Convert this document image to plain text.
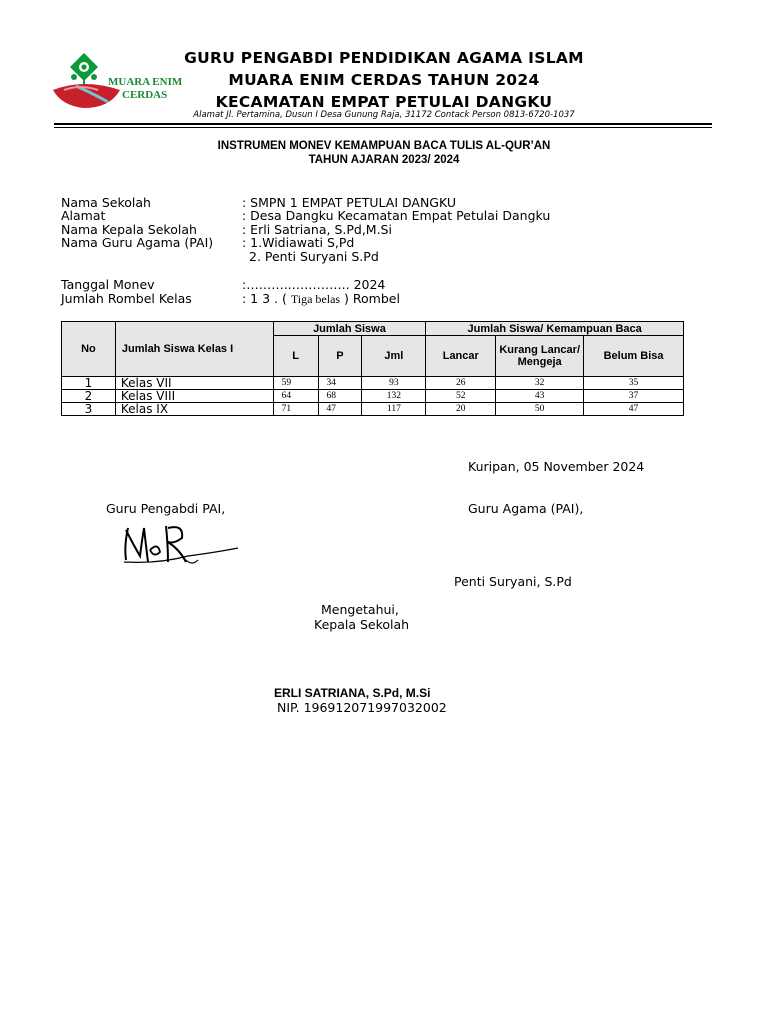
MUARA ENIM
CERDAS
GURU PENGABDI PENDIDIKAN AGAMA ISLAM
MUARA ENIM CERDAS TAHUN 2024
KECAMATAN EMPAT PETULAI DANGKU
Alamat Jl. Pertamina, Dusun I Desa Gunung Raja, 31172 Contack Person 0813-6720-1037
INSTRUMEN MONEV KEMAMPUAN BACA TULIS AL-QUR’AN
TAHUN AJARAN 2023/ 2024
Nama Sekolah	: SMPN 1 EMPAT PETULAI DANGKU
Alamat	: Desa Dangku Kecamatan Empat Petulai Dangku
Nama Kepala Sekolah	: Erli Satriana, S.Pd,M.Si
Nama Guru Agama (PAI) : 1.Widiawati S,Pd
2. Penti Suryani S.Pd
Tanggal Monev	:………..………….. 2024
Jumlah Rombel Kelas	: 1 3 . ( Tiga belas ) Rombel
No	Jumlah Siswa Kelas I	Jumlah Siswa			Jumlah Siswa/ Kemampuan Baca		
		L	P	Jml	Lancar	Kurang Lancar/ Mengeja	Belum Bisa
1	Kelas VII	59	34	93	26	32	35
2	Kelas VIII	64	68	132	52	43	37
3	Kelas IX	71	47	117	20	50	47
Kuripan, 05 November 2024
Guru Pengabdi PAI,	Guru Agama (PAI),
Penti Suryani, S.Pd
Mengetahui,
Kepala Sekolah
ERLI SATRIANA, S.Pd, M.Si
NIP. 196912071997032002
